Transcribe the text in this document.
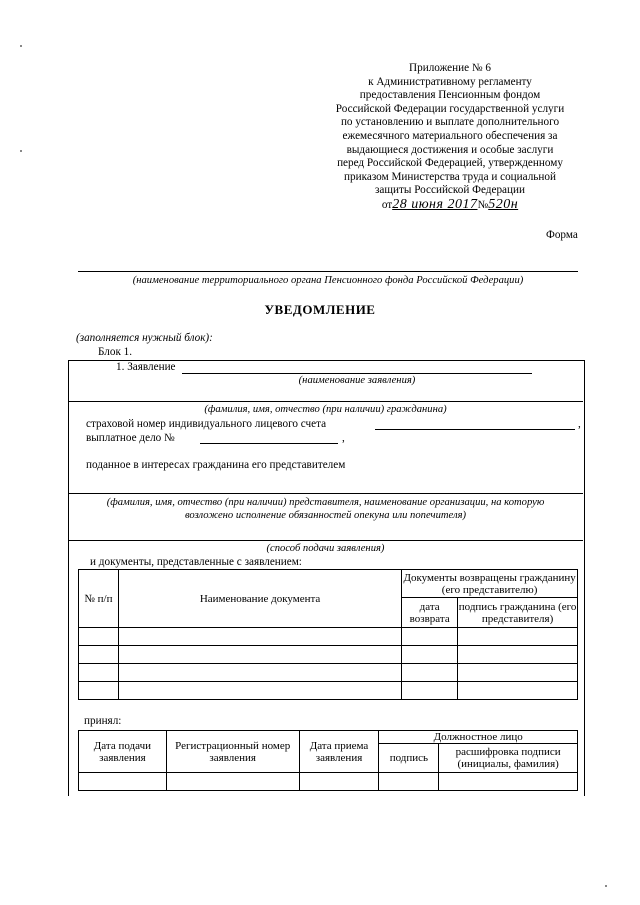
Приложение № 6
к Административному регламенту
предоставления Пенсионным фондом
Российской Федерации государственной услуги
по установлению и выплате дополнительного
ежемесячного материального обеспечения за
выдающиеся достижения и особые заслуги
перед Российской Федерацией, утвержденному
приказом Министерства труда и социальной
защиты Российской Федерации
от28 июня 2017№520н
Форма
(наименование территориального органа Пенсионного фонда Российской Федерации)
УВЕДОМЛЕНИЕ
(заполняется нужный блок):
Блок 1.
1. Заявление
(наименование заявления)
(фамилия, имя, отчество (при наличии) гражданина)
страховой номер индивидуального лицевого счета	,
выплатное дело №	,
поданное в интересах гражданина его представителем
(фамилия, имя, отчество (при наличии) представителя, наименование организации, на которую
возложено исполнение обязанностей опекуна или попечителя)
(способ подачи заявления)
и документы, представленные с заявлением:
№ п/п	Наименование документа	Документы возвращены гражданину (его представителю)	
		дата возврата	подпись гражданина (его представителя)

принял:
Дата подачи заявления	Регистрационный номер заявления	Дата приема заявления	Должностное лицо	
			подпись	расшифровка подписи (инициалы, фамилия)
